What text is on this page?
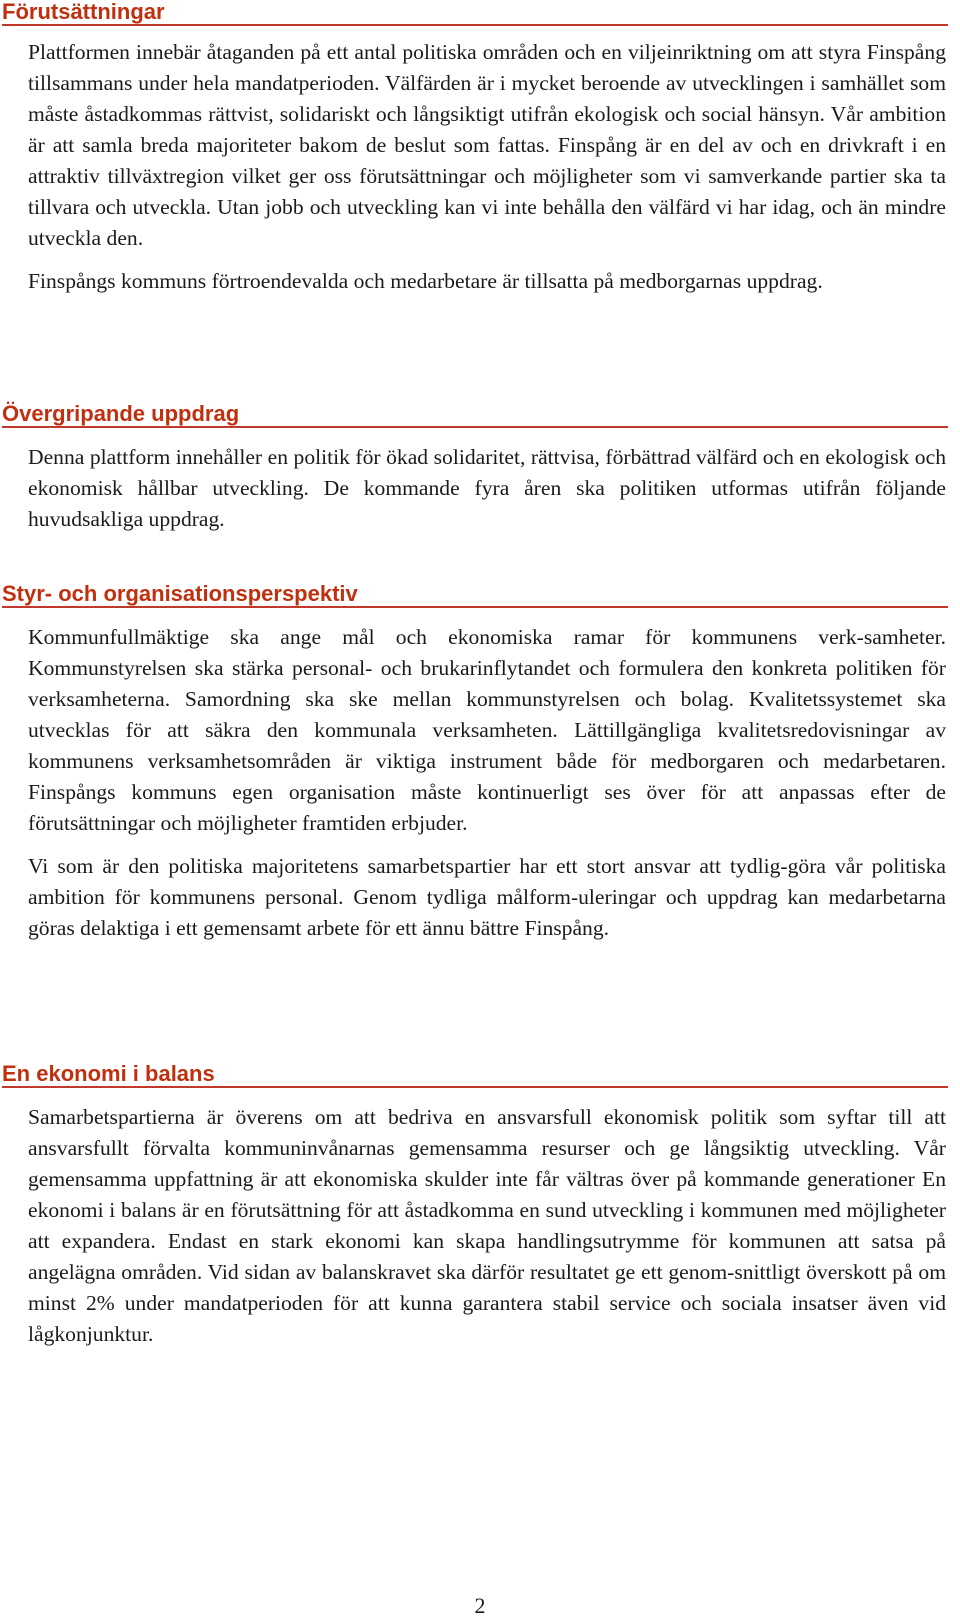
Förutsättningar

Plattformen innebär åtaganden på ett antal politiska områden och en viljeinriktning om att styra Finspång tillsammans under hela mandatperioden. Välfärden är i mycket beroende av utvecklingen i samhället som måste åstadkommas rättvist, solidariskt och långsiktigt utifrån ekologisk och social hänsyn. Vår ambition är att samla breda majoriteter bakom de beslut som fattas. Finspång är en del av och en drivkraft i en attraktiv tillväxtregion vilket ger oss förutsättningar och möjligheter som vi samverkande partier ska ta tillvara och utveckla. Utan jobb och utveckling kan vi inte behålla den välfärd vi har idag, och än mindre utveckla den.

Finspångs kommuns förtroendevalda och medarbetare är tillsatta på medborgarnas uppdrag.

Övergripande uppdrag

Denna plattform innehåller en politik för ökad solidaritet, rättvisa, förbättrad välfärd och en ekologisk och ekonomisk hållbar utveckling. De kommande fyra åren ska politiken utformas utifrån följande huvudsakliga uppdrag.

Styr- och organisationsperspektiv

Kommunfullmäktige ska ange mål och ekonomiska ramar för kommunens verk-samheter. Kommunstyrelsen ska stärka personal- och brukarinflytandet och formulera den konkreta politiken för verksamheterna. Samordning ska ske mellan kommunstyrelsen och bolag. Kvalitetssystemet ska utvecklas för att säkra den kommunala verksamheten. Lättillgängliga kvalitetsredovisningar av kommunens verksamhetsområden är viktiga instrument både för medborgaren och medarbetaren. Finspångs kommuns egen organisation måste kontinuerligt ses över för att anpassas efter de förutsättningar och möjligheter framtiden erbjuder.

Vi som är den politiska majoritetens samarbetspartier har ett stort ansvar att tydlig-göra vår politiska ambition för kommunens personal. Genom tydliga målform-uleringar och uppdrag kan medarbetarna göras delaktiga i ett gemensamt arbete för ett ännu bättre Finspång.

En ekonomi i balans

Samarbetspartierna är överens om att bedriva en ansvarsfull ekonomisk politik som syftar till att ansvarsfullt förvalta kommuninvånarnas gemensamma resurser och ge långsiktig utveckling. Vår gemensamma uppfattning är att ekonomiska skulder inte får vältras över på kommande generationer En ekonomi i balans är en förutsättning för att åstadkomma en sund utveckling i kommunen med möjligheter att expandera. Endast en stark ekonomi kan skapa handlingsutrymme för kommunen att satsa på angelägna områden. Vid sidan av balanskravet ska därför resultatet ge ett genom-snittligt överskott på om minst 2% under mandatperioden för att kunna garantera stabil service och sociala insatser även vid lågkonjunktur.

2
